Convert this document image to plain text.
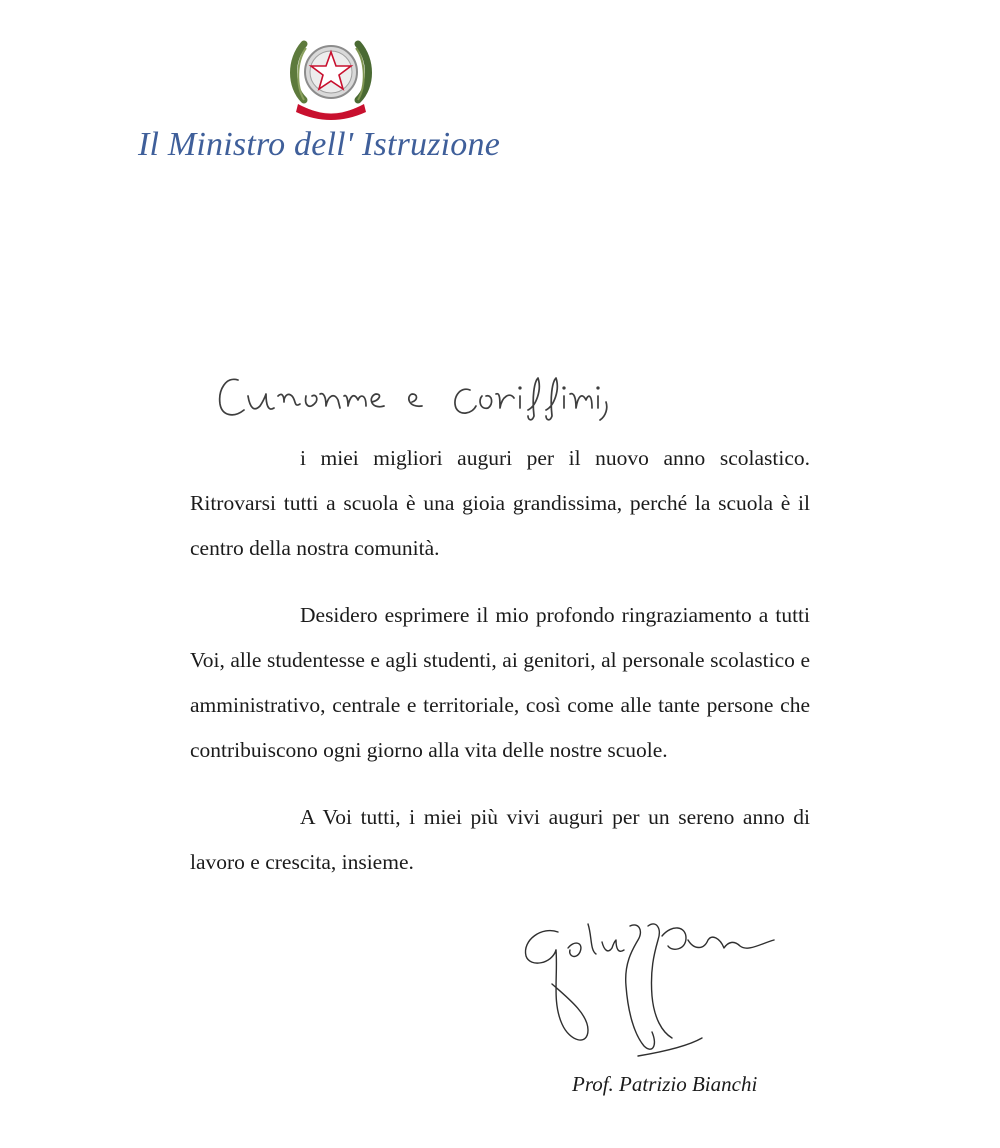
Il Ministro dell' Istruzione

i miei migliori auguri per il nuovo anno scolastico. Ritrovarsi tutti a scuola è una gioia grandissima, perché la scuola è il centro della nostra comunità.

Desidero esprimere il mio profondo ringraziamento a tutti Voi, alle studentesse e agli studenti, ai genitori, al personale scolastico e amministrativo, centrale e territoriale, così come alle tante persone che contribuiscono ogni giorno alla vita delle nostre scuole.

A Voi tutti, i miei più vivi auguri per un sereno anno di lavoro e crescita, insieme.

Prof. Patrizio Bianchi
